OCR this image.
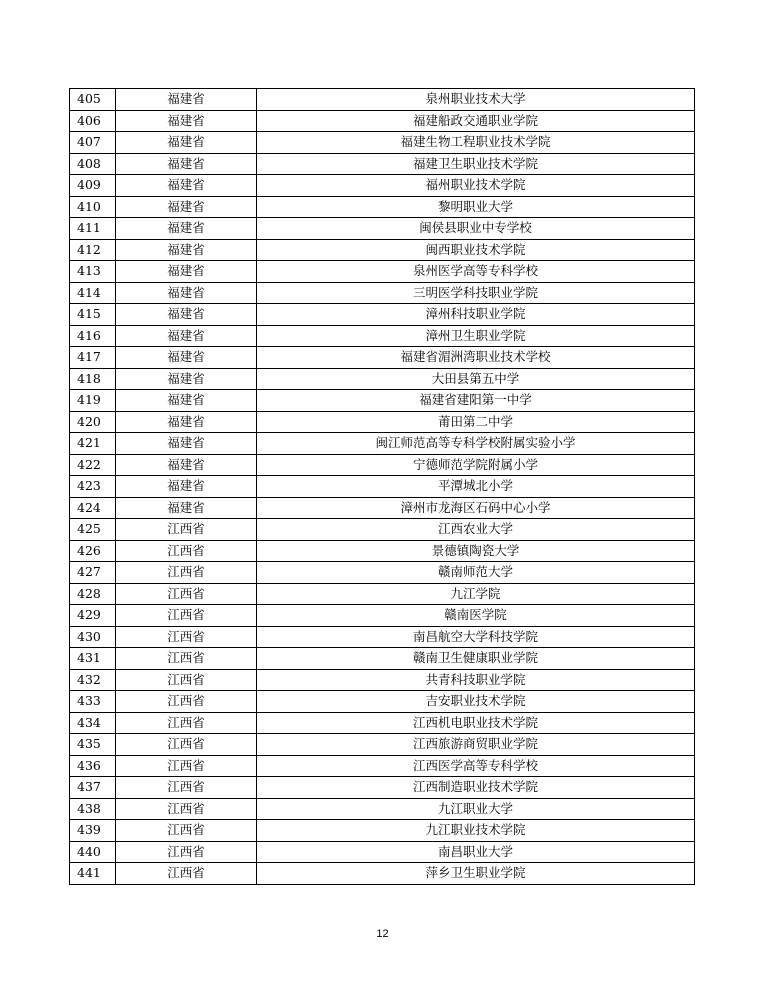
405	福建省	泉州职业技术大学
406	福建省	福建船政交通职业学院
407	福建省	福建生物工程职业技术学院
408	福建省	福建卫生职业技术学院
409	福建省	福州职业技术学院
410	福建省	黎明职业大学
411	福建省	闽侯县职业中专学校
412	福建省	闽西职业技术学院
413	福建省	泉州医学高等专科学校
414	福建省	三明医学科技职业学院
415	福建省	漳州科技职业学院
416	福建省	漳州卫生职业学院
417	福建省	福建省湄洲湾职业技术学校
418	福建省	大田县第五中学
419	福建省	福建省建阳第一中学
420	福建省	莆田第二中学
421	福建省	闽江师范高等专科学校附属实验小学
422	福建省	宁德师范学院附属小学
423	福建省	平潭城北小学
424	福建省	漳州市龙海区石码中心小学
425	江西省	江西农业大学
426	江西省	景德镇陶瓷大学
427	江西省	赣南师范大学
428	江西省	九江学院
429	江西省	赣南医学院
430	江西省	南昌航空大学科技学院
431	江西省	赣南卫生健康职业学院
432	江西省	共青科技职业学院
433	江西省	吉安职业技术学院
434	江西省	江西机电职业技术学院
435	江西省	江西旅游商贸职业学院
436	江西省	江西医学高等专科学校
437	江西省	江西制造职业技术学院
438	江西省	九江职业大学
439	江西省	九江职业技术学院
440	江西省	南昌职业大学
441	江西省	萍乡卫生职业学院
12
